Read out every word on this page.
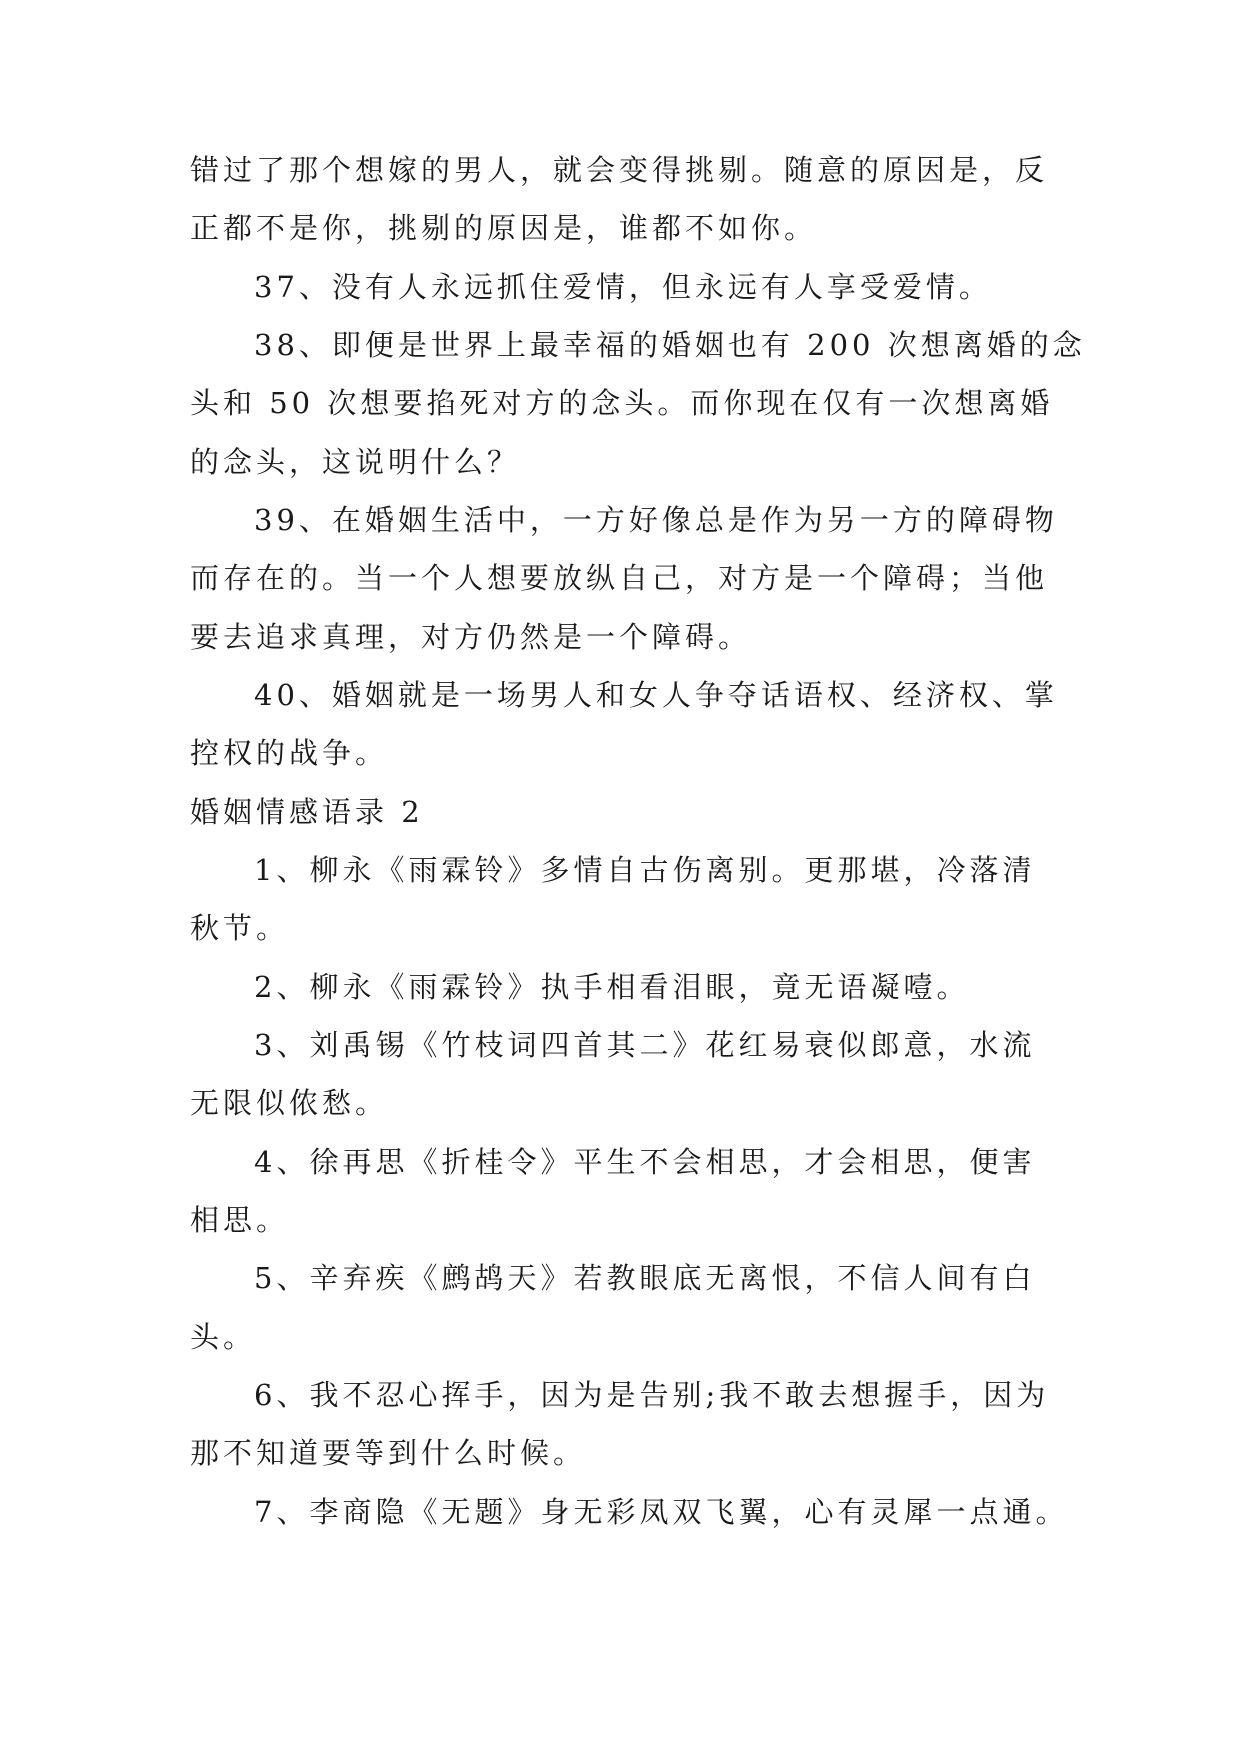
错过了那个想嫁的男人，就会变得挑剔。随意的原因是，反
正都不是你，挑剔的原因是，谁都不如你。
37、没有人永远抓住爱情，但永远有人享受爱情。
38、即便是世界上最幸福的婚姻也有 200 次想离婚的念
头和 50 次想要掐死对方的念头。而你现在仅有一次想离婚
的念头，这说明什么？
39、在婚姻生活中，一方好像总是作为另一方的障碍物
而存在的。当一个人想要放纵自己，对方是一个障碍；当他
要去追求真理，对方仍然是一个障碍。
40、婚姻就是一场男人和女人争夺话语权、经济权、掌
控权的战争。
婚姻情感语录 2
1、柳永《雨霖铃》多情自古伤离别。更那堪，冷落清
秋节。
2、柳永《雨霖铃》执手相看泪眼，竟无语凝噎。
3、刘禹锡《竹枝词四首其二》花红易衰似郎意，水流
无限似侬愁。
4、徐再思《折桂令》平生不会相思，才会相思，便害
相思。
5、辛弃疾《鹧鸪天》若教眼底无离恨，不信人间有白
头。
6、我不忍心挥手，因为是告别;我不敢去想握手，因为
那不知道要等到什么时候。
7、李商隐《无题》身无彩凤双飞翼，心有灵犀一点通。
